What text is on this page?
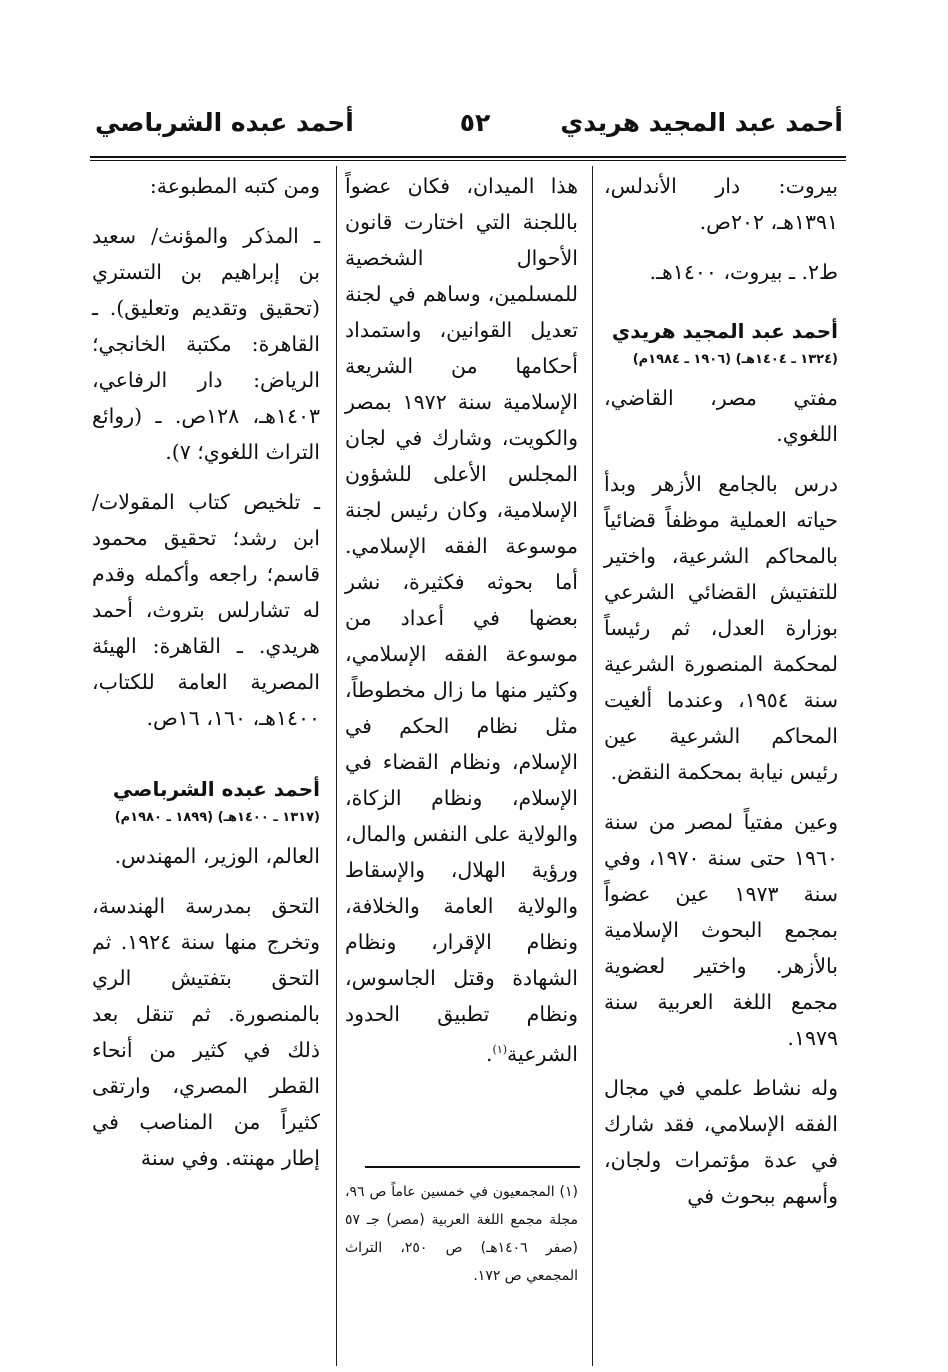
أحمد عبد المجيد هريدي
٥٢
أحمد عبده الشرباصي

بيروت: دار الأندلس، ١٣٩١هـ، ٢٠٢ص.

ط٢. ـ بيروت، ١٤٠٠هـ.

أحمد عبد المجيد هريدي
(١٣٢٤ ـ ١٤٠٤هـ) (١٩٠٦ ـ ١٩٨٤م)

مفتي مصر، القاضي، اللغوي.

درس بالجامع الأزهر وبدأ حياته العملية موظفاً قضائياً بالمحاكم الشرعية، واختير للتفتيش القضائي الشرعي بوزارة العدل، ثم رئيساً لمحكمة المنصورة الشرعية سنة ١٩٥٤، وعندما ألغيت المحاكم الشرعية عين رئيس نيابة بمحكمة النقض.

وعين مفتياً لمصر من سنة ١٩٦٠ حتى سنة ١٩٧٠، وفي سنة ١٩٧٣ عين عضواً بمجمع البحوث الإسلامية بالأزهر. واختير لعضوية مجمع اللغة العربية سنة ١٩٧٩.

وله نشاط علمي في مجال الفقه الإسلامي، فقد شارك في عدة مؤتمرات ولجان، وأسهم ببحوث في

هذا الميدان، فكان عضواً باللجنة التي اختارت قانون الأحوال الشخصية للمسلمين، وساهم في لجنة تعديل القوانين، واستمداد أحكامها من الشريعة الإسلامية سنة ١٩٧٢ بمصر والكويت، وشارك في لجان المجلس الأعلى للشؤون الإسلامية، وكان رئيس لجنة موسوعة الفقه الإسلامي. أما بحوثه فكثيرة، نشر بعضها في أعداد من موسوعة الفقه الإسلامي، وكثير منها ما زال مخطوطاً، مثل نظام الحكم في الإسلام، ونظام القضاء في الإسلام، ونظام الزكاة، والولاية على النفس والمال، ورؤية الهلال، والإسقاط والولاية العامة والخلافة، ونظام الإقرار، ونظام الشهادة وقتل الجاسوس، ونظام تطبيق الحدود الشرعية$^{(١)}$.

(١) المجمعيون في خمسين عاماً ص ٩٦، مجلة مجمع اللغة العربية (مصر) جـ ٥٧ (صفر ١٤٠٦هـ) ص ٢٥٠، التراث المجمعي ص ١٧٢.

ومن كتبه المطبوعة:

ـ المذكر والمؤنث/ سعيد بن إبراهيم بن التستري (تحقيق وتقديم وتعليق). ـ القاهرة: مكتبة الخانجي؛ الرياض: دار الرفاعي، ١٤٠٣هـ، ١٢٨ص. ـ (روائع التراث اللغوي؛ ٧).

ـ تلخيص كتاب المقولات/ ابن رشد؛ تحقيق محمود قاسم؛ راجعه وأكمله وقدم له تشارلس بتروث، أحمد هريدي. ـ القاهرة: الهيئة المصرية العامة للكتاب، ١٤٠٠هـ، ١٦٠، ١٦ص.

أحمد عبده الشرباصي
(١٣١٧ ـ ١٤٠٠هـ) (١٨٩٩ ـ ١٩٨٠م)

العالم، الوزير، المهندس.

التحق بمدرسة الهندسة، وتخرج منها سنة ١٩٢٤. ثم التحق بتفتيش الري بالمنصورة. ثم تنقل بعد ذلك في كثير من أنحاء القطر المصري، وارتقى كثيراً من المناصب في إطار مهنته. وفي سنة
